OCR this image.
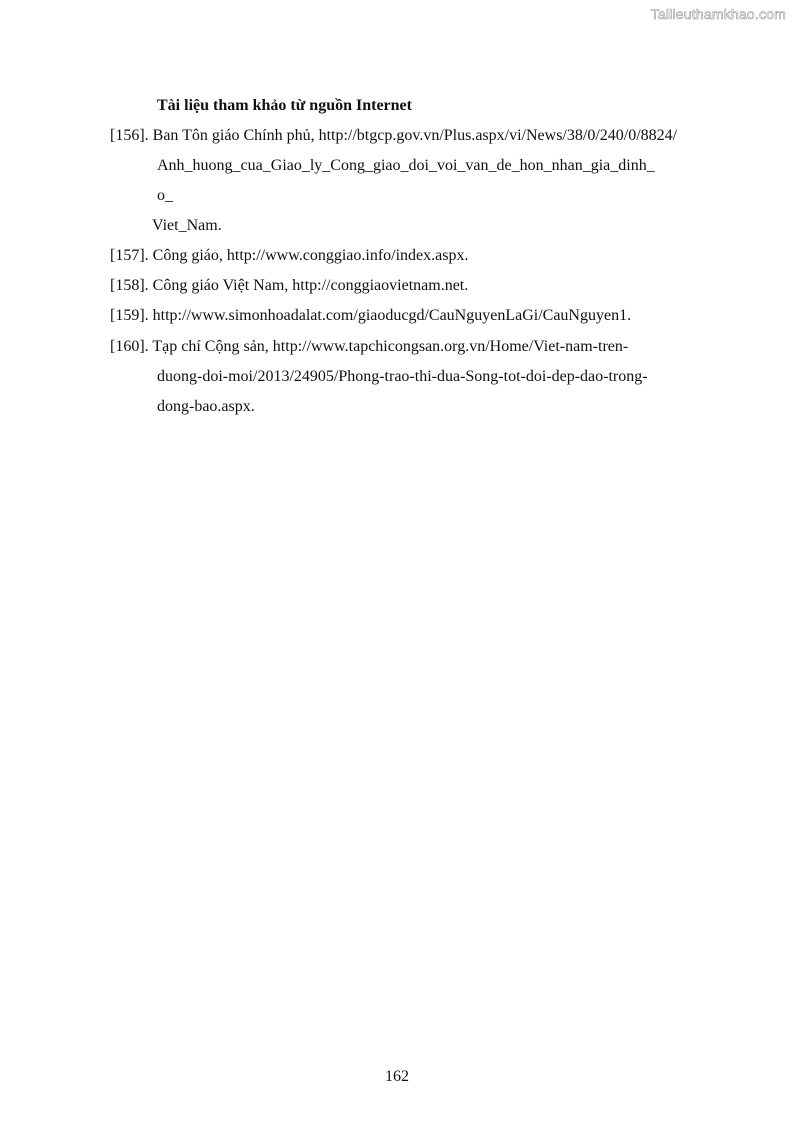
Tailieuthamkhao.com
Tài liệu tham khảo từ nguồn Internet
[156]. Ban Tôn giáo Chính phủ, http://btgcp.gov.vn/Plus.aspx/vi/News/38/0/240/0/8824/
Anh_huong_cua_Giao_ly_Cong_giao_doi_voi_van_de_hon_nhan_gia_dinh_
o_
Viet_Nam.
[157]. Công giáo, http://www.conggiao.info/index.aspx.
[158]. Công giáo Việt Nam, http://conggiaovietnam.net.
[159]. http://www.simonhoadalat.com/giaoducgd/CauNguyenLaGi/CauNguyen1.
[160]. Tạp chí Cộng sản, http://www.tapchicongsan.org.vn/Home/Viet-nam-tren-
duong-doi-moi/2013/24905/Phong-trao-thi-dua-Song-tot-doi-dep-dao-trong-
dong-bao.aspx.
162
